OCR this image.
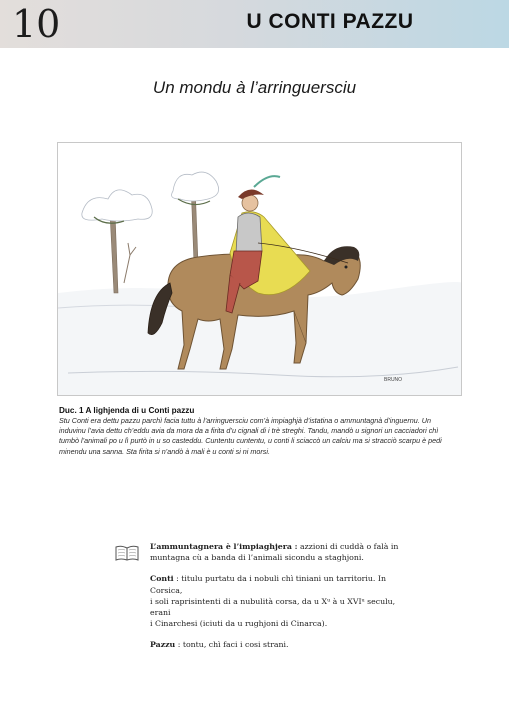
10	U CONTI PAZZU
Un mondu à l’arringuersciu
BRUNO
Duc. 1 A lighjenda di u Conti pazzu

Stu Conti era dettu pazzu parchì facia tuttu à l’arringuersciu com’à impiaghjà d’istatina o ammuntagnà d’inguernu. Un induvinu l’avia dettu ch’eddu avia da mora da a firita d’u cignali di i trè streghi. Tandu, mandò u signori un cacciadori chì tumbò l’animali po u lì purtò in u so casteddu. Cuntentu cuntentu, u conti li sciaccò un calciu ma si stracciò scarpu è pedi minendu una sanna. Sta firita si n’andò à mali è u conti si ni morsi.

L’ammuntagnera è l’impiaghjera : azzioni di cuddà o falà in
muntagna cù a banda di l’animali sicondu a staghjoni.

Conti : titulu purtatu da i nobuli chì tiniani un tarritoriu. In Corsica,
i soli raprisintenti di a nubulità corsa, da u Xᵘ à u XVIᵘ seculu, erani
i Cinarchesi (iciuti da u rughjoni di Cinarca).

Pazzu : tontu, chì faci i cosi strani.
